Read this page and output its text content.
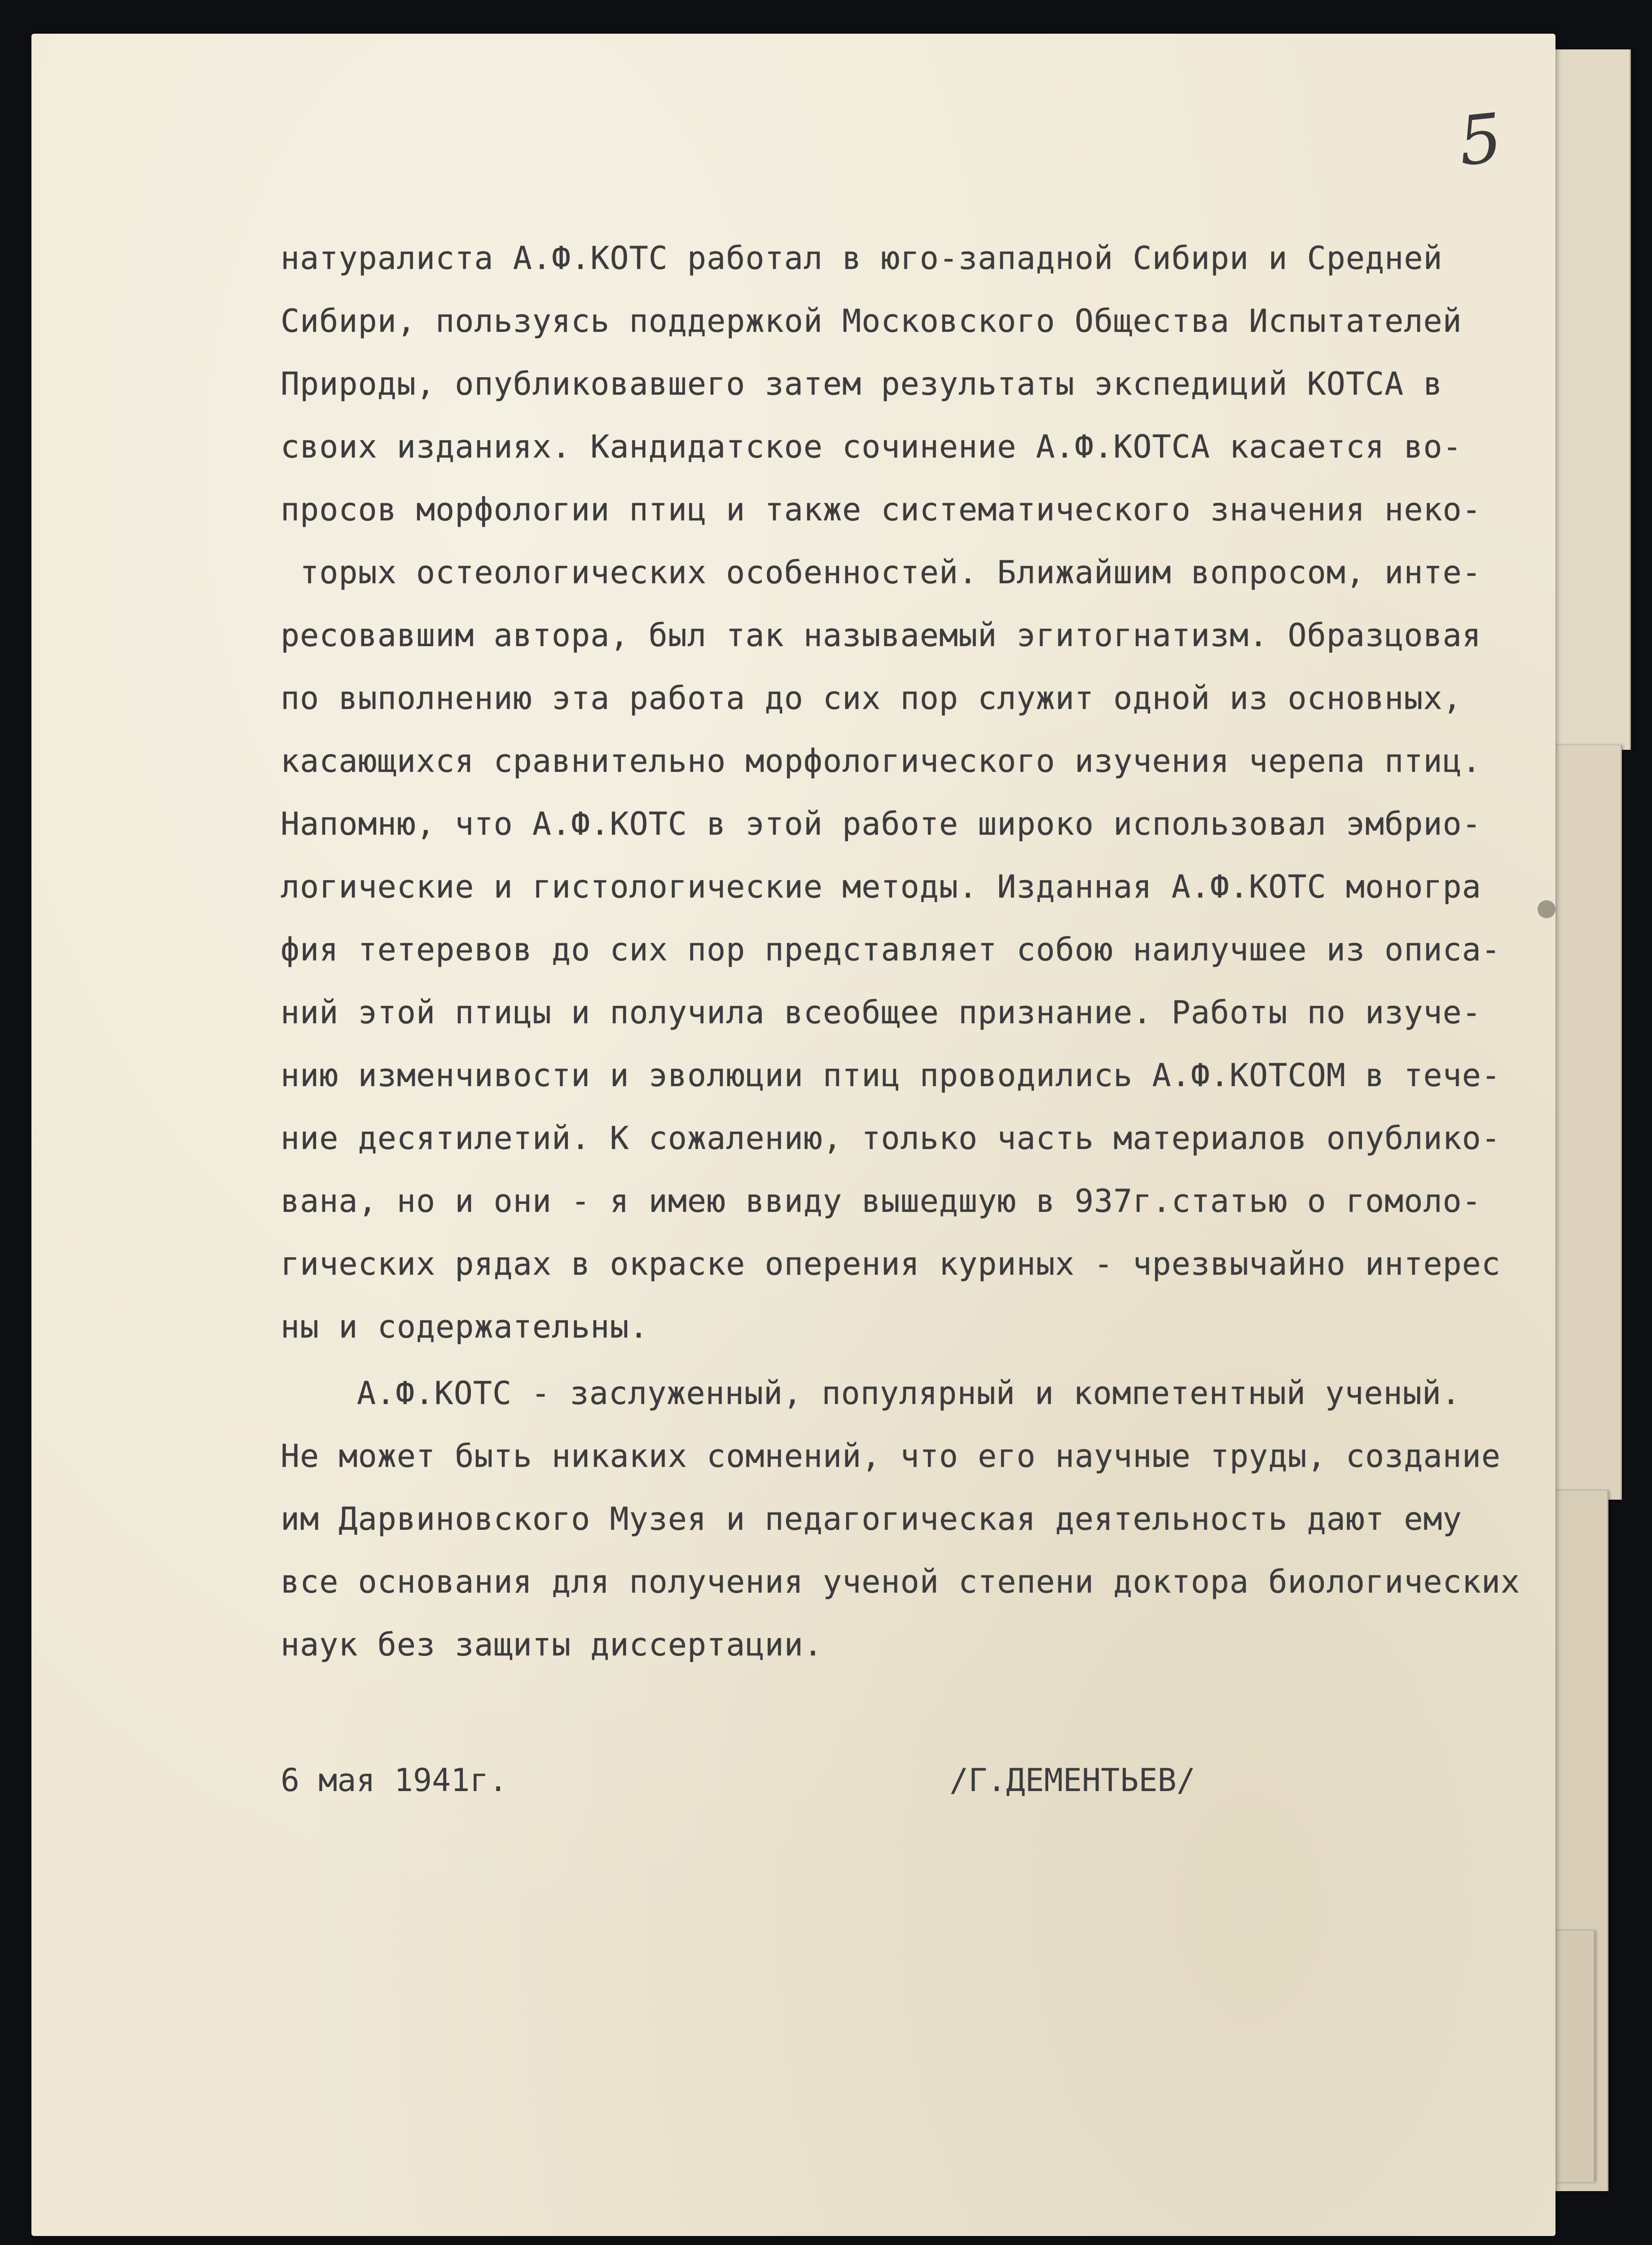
5

натуралиста А.Ф.КОТС работал в юго-западной Сибири и Средней
Сибири, пользуясь поддержкой Московского Общества Испытателей
Природы, опубликовавшего затем результаты экспедиций КОТСА в
своих изданиях. Кандидатское сочинение А.Ф.КОТСА касается во-
просов морфологии птиц и также систематического значения неко-
торых остеологических особенностей. Ближайшим вопросом, инте-
ресовавшим автора, был так называемый эгитогнатизм. Образцовая
по выполнению эта работа до сих пор служит одной из основных,
касающихся сравнительно морфологического изучения черепа птиц.
Напомню, что А.Ф.КОТС в этой работе широко использовал эмбрио-
логические и гистологические методы. Изданная А.Ф.КОТС моногра
фия тетеревов до сих пор представляет собою наилучшее из описа-
ний этой птицы и получила всеобщее признание. Работы по изуче-
нию изменчивости и эволюции птиц проводились А.Ф.КОТСОМ в тече-
ние десятилетий. К сожалению, только часть материалов опублико-
вана, но и они - я имею ввиду вышедшую в 937г.статью о гомоло-
гических рядах в окраске оперения куриных - чрезвычайно интерес
ны и содержательны.
А.Ф.КОТС - заслуженный, популярный и компетентный ученый.
Не может быть никаких сомнений, что его научные труды, создание
им Дарвиновского Музея и педагогическая деятельность дают ему
все основания для получения ученой степени доктора биологических
наук без защиты диссертации.

6 мая 1941г.	/Г.ДЕМЕНТЬЕВ/
